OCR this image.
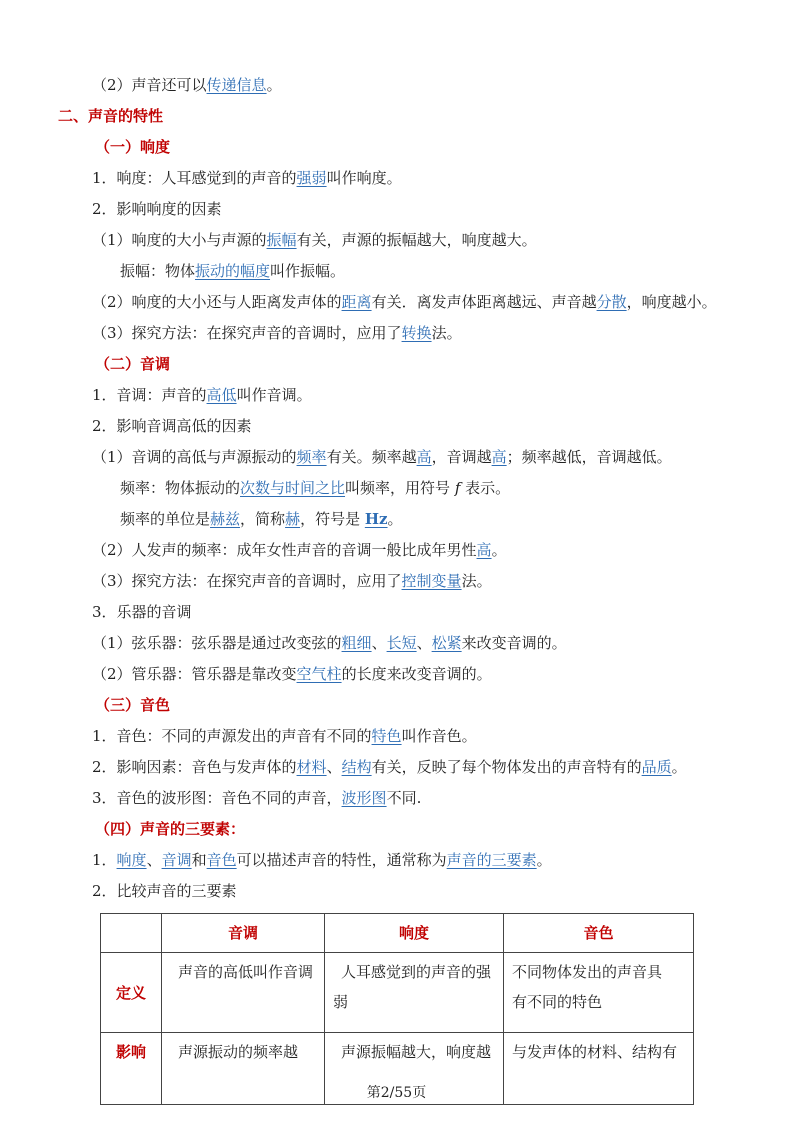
（2）声音还可以传递信息。
二、声音的特性
（一）响度
1．响度：人耳感觉到的声音的强弱叫作响度。
2．影响响度的因素
（1）响度的大小与声源的振幅有关，声源的振幅越大，响度越大。
振幅：物体振动的幅度叫作振幅。
（2）响度的大小还与人距离发声体的距离有关．离发声体距离越远、声音越分散，响度越小。
（3）探究方法：在探究声音的音调时，应用了转换法。
（二）音调
1．音调：声音的高低叫作音调。
2．影响音调高低的因素
（1）音调的高低与声源振动的频率有关。频率越高，音调越高；频率越低，音调越低。
频率：物体振动的次数与时间之比叫频率，用符号 f 表示。
频率的单位是赫兹，简称赫，符号是 Hz。
（2）人发声的频率：成年女性声音的音调一般比成年男性高。
（3）探究方法：在探究声音的音调时，应用了控制变量法。
3．乐器的音调
（1）弦乐器：弦乐器是通过改变弦的粗细、长短、松紧来改变音调的。
（2）管乐器：管乐器是靠改变空气柱的长度来改变音调的。
（三）音色
1．音色：不同的声源发出的声音有不同的特色叫作音色。
2．影响因素：音色与发声体的材料、结构有关，反映了每个物体发出的声音特有的品质。
3．音色的波形图：音色不同的声音，波形图不同.
（四）声音的三要素：
1．响度、音调和音色可以描述声音的特性，通常称为声音的三要素。
2．比较声音的三要素
	音调	响度	音色
定义	声音的高低叫作音调	人耳感觉到的声音的强弱	不同物体发出的声音具有不同的特色
影响	声源振动的频率越	声源振幅越大，响度越	与发声体的材料、结构有
第2/55页
